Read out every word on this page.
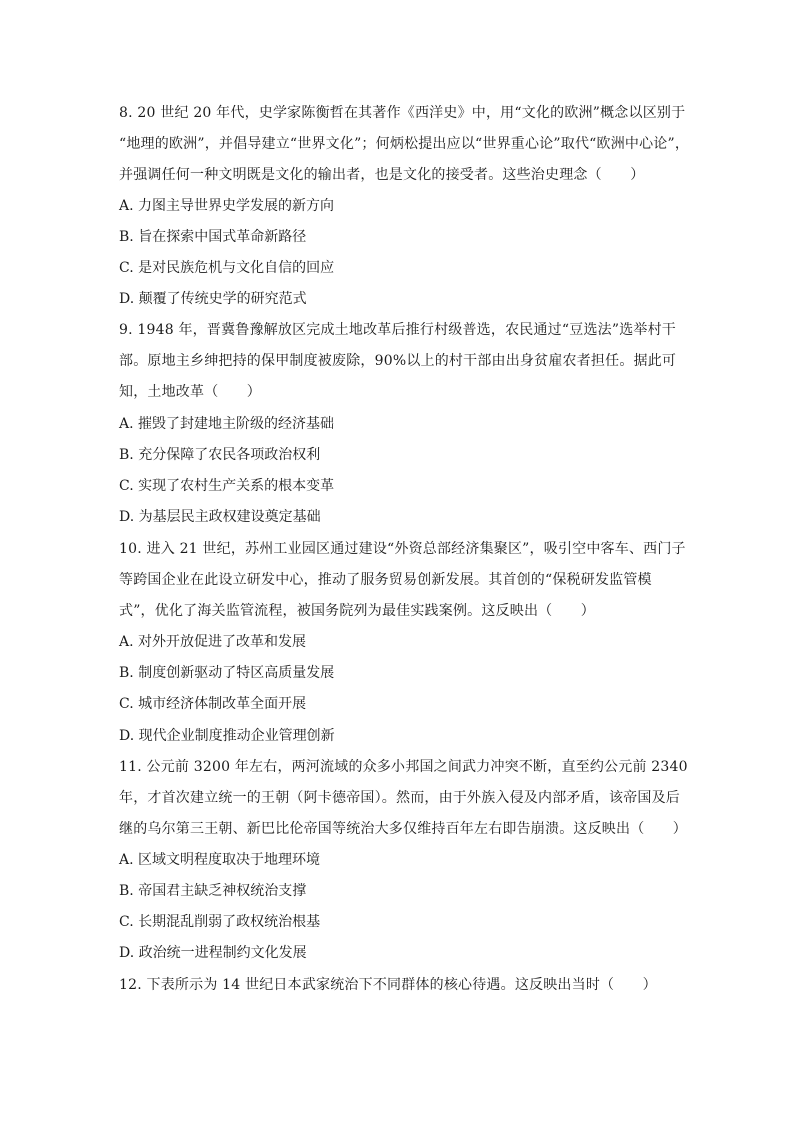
8. 20 世纪 20 年代，史学家陈衡哲在其著作《西洋史》中，用“文化的欧洲”概念以区别于
“地理的欧洲”，并倡导建立“世界文化”；何炳松提出应以“世界重心论”取代“欧洲中心论”，
并强调任何一种文明既是文化的输出者，也是文化的接受者。这些治史理念（　　）
A. 力图主导世界史学发展的新方向
B. 旨在探索中国式革命新路径
C. 是对民族危机与文化自信的回应
D. 颠覆了传统史学的研究范式
9. 1948 年，晋冀鲁豫解放区完成土地改革后推行村级普选，农民通过“豆选法”选举村干
部。原地主乡绅把持的保甲制度被废除，90%以上的村干部由出身贫雇农者担任。据此可
知，土地改革（　　）
A. 摧毁了封建地主阶级的经济基础
B. 充分保障了农民各项政治权利
C. 实现了农村生产关系的根本变革
D. 为基层民主政权建设奠定基础
10. 进入 21 世纪，苏州工业园区通过建设“外资总部经济集聚区”，吸引空中客车、西门子
等跨国企业在此设立研发中心，推动了服务贸易创新发展。其首创的“保税研发监管模
式”，优化了海关监管流程，被国务院列为最佳实践案例。这反映出（　　）
A. 对外开放促进了改革和发展
B. 制度创新驱动了特区高质量发展
C. 城市经济体制改革全面开展
D. 现代企业制度推动企业管理创新
11. 公元前 3200 年左右，两河流域的众多小邦国之间武力冲突不断，直至约公元前 2340
年，才首次建立统一的王朝（阿卡德帝国）。然而，由于外族入侵及内部矛盾，该帝国及后
继的乌尔第三王朝、新巴比伦帝国等统治大多仅维持百年左右即告崩溃。这反映出（　　）
A. 区域文明程度取决于地理环境
B. 帝国君主缺乏神权统治支撑
C. 长期混乱削弱了政权统治根基
D. 政治统一进程制约文化发展
12. 下表所示为 14 世纪日本武家统治下不同群体的核心待遇。这反映出当时（　　）
